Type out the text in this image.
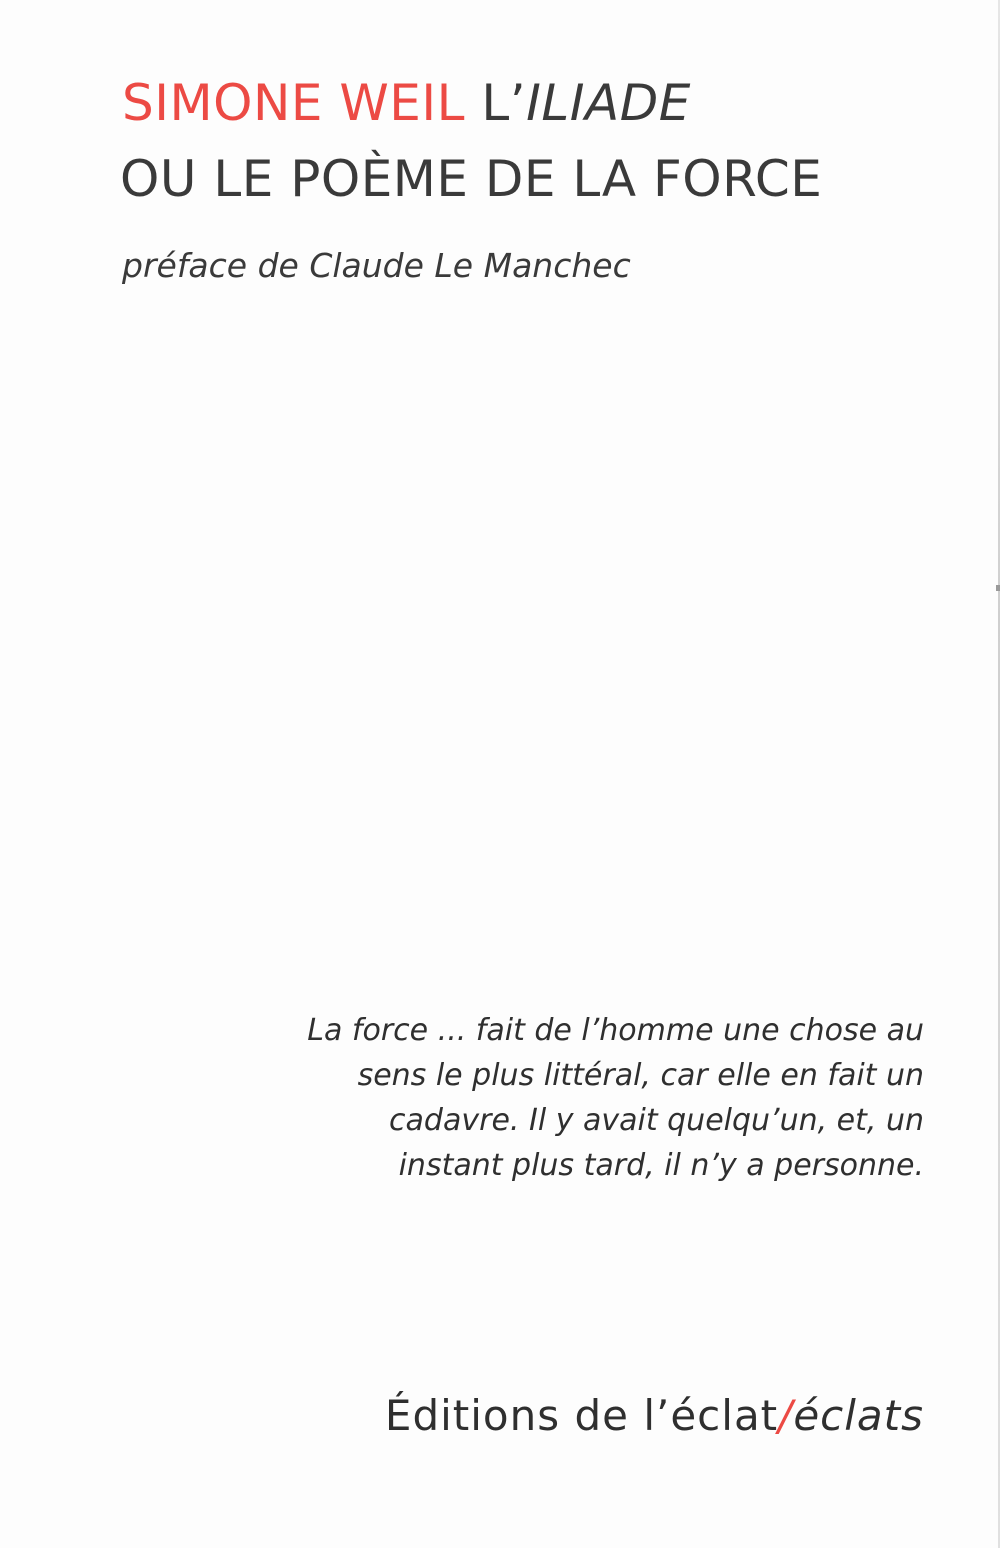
SIMONE WEIL L’ILIADE
OU LE POÈME DE LA FORCE
préface de Claude Le Manchec
La force ... fait de l’homme une chose au
sens le plus littéral, car elle en fait un
cadavre. Il y avait quelqu’un, et, un
instant plus tard, il n’y a personne.
Éditions de l’éclat/éclats
